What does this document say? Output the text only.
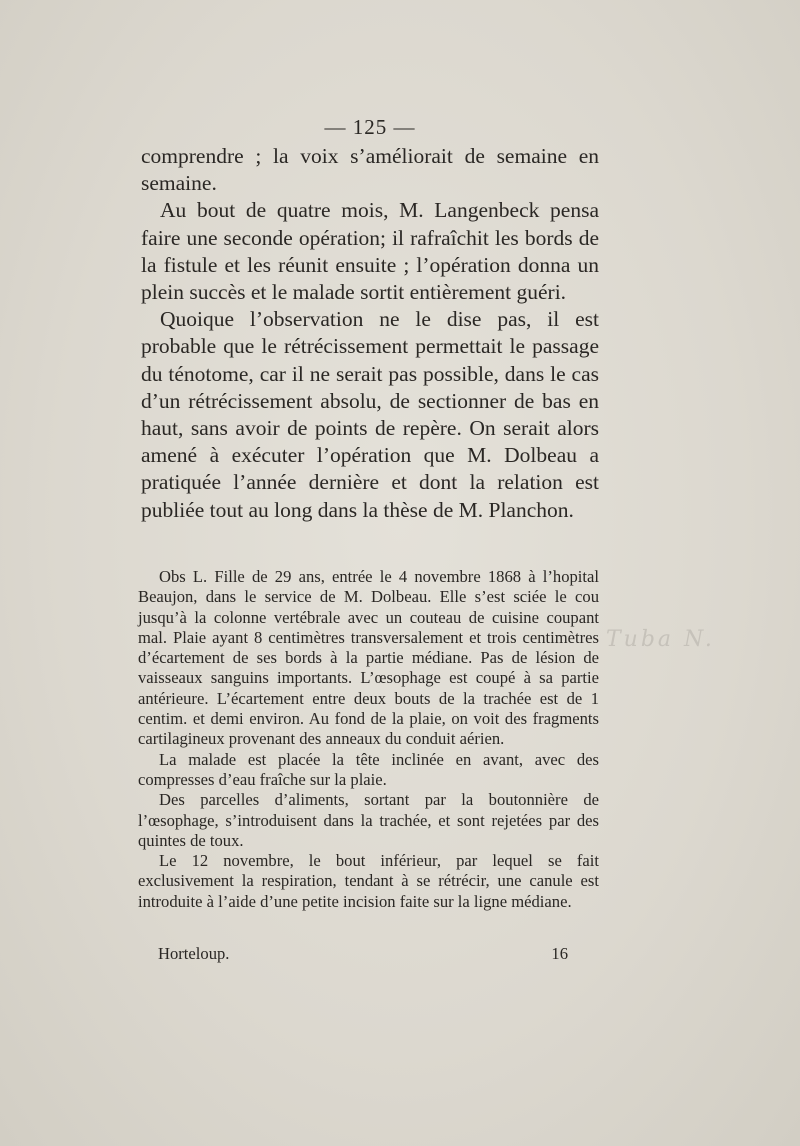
— 125 —

comprendre ; la voix s’améliorait de semaine en semaine.

Au bout de quatre mois, M. Langenbeck pensa faire une seconde opération; il rafraîchit les bords de la fistule et les réunit ensuite ; l’opération donna un plein succès et le malade sortit entièrement guéri.

Quoique l’observation ne le dise pas, il est probable que le rétrécissement permettait le passage du ténotome, car il ne serait pas possible, dans le cas d’un rétrécissement absolu, de sectionner de bas en haut, sans avoir de points de repère. On serait alors amené à exécuter l’opération que M. Dolbeau a pratiquée l’année dernière et dont la relation est publiée tout au long dans la thèse de M. Planchon.

Obs L. Fille de 29 ans, entrée le 4 novembre 1868 à l’hopital Beaujon, dans le service de M. Dolbeau. Elle s’est sciée le cou jusqu’à la colonne vertébrale avec un couteau de cuisine coupant mal. Plaie ayant 8 centimètres transversalement et trois centimètres d’écartement de ses bords à la partie médiane. Pas de lésion de vaisseaux sanguins importants. L’œsophage est coupé à sa partie antérieure. L’écartement entre deux bouts de la trachée est de 1 centim. et demi environ. Au fond de la plaie, on voit des fragments cartilagineux provenant des anneaux du conduit aérien.

La malade est placée la tête inclinée en avant, avec des compresses d’eau fraîche sur la plaie.

Des parcelles d’aliments, sortant par la boutonnière de l’œsophage, s’introduisent dans la trachée, et sont rejetées par des quintes de toux.

Le 12 novembre, le bout inférieur, par lequel se fait exclusivement la respiration, tendant à se rétrécir, une canule est introduite à l’aide d’une petite incision faite sur la ligne médiane.

Horteloup.	16
Tuba N.
